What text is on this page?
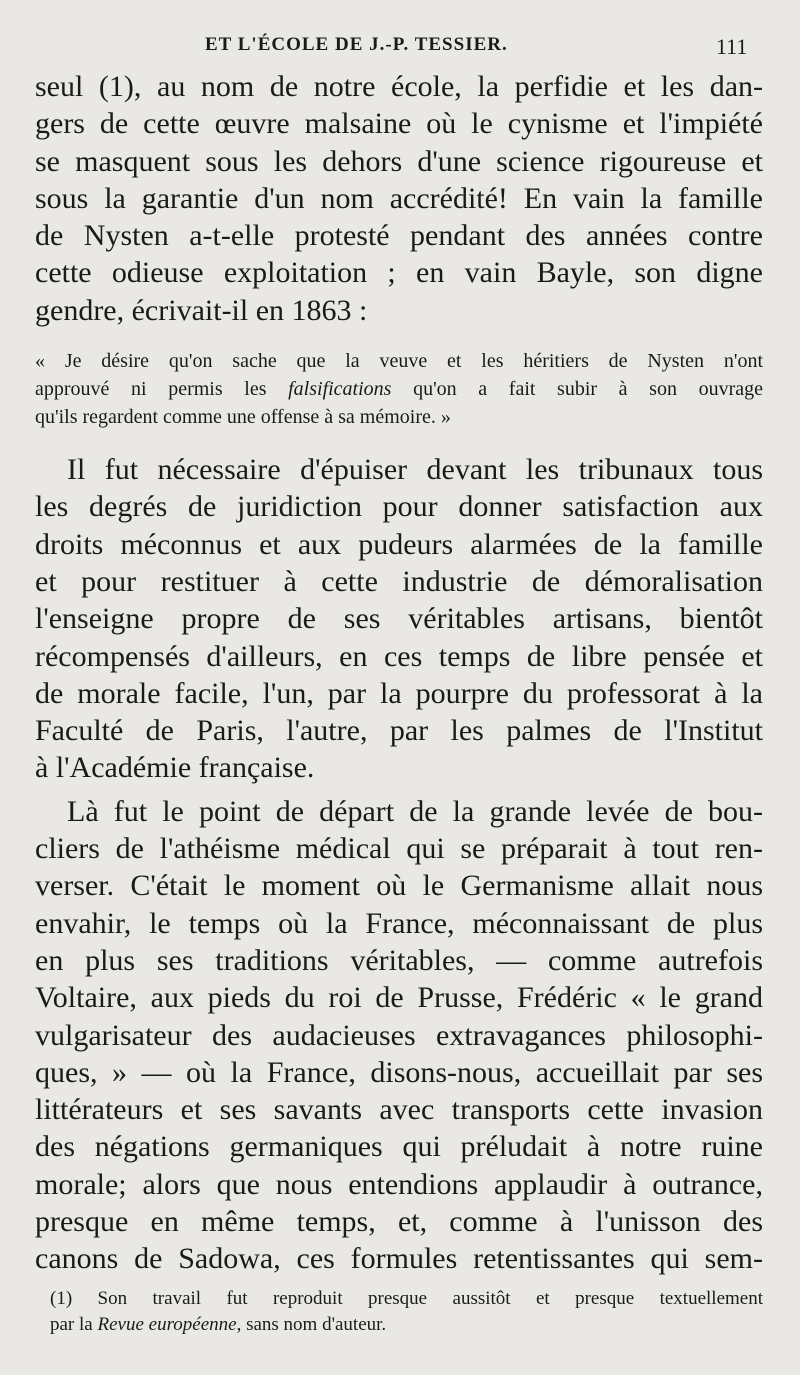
ET L'ÉCOLE DE J.-P. TESSIER.	111

seul (1), au nom de notre école, la perfidie et les dan-
gers de cette œuvre malsaine où le cynisme et l'impiété
se masquent sous les dehors d'une science rigoureuse et
sous la garantie d'un nom accrédité! En vain la famille
de Nysten a-t-elle protesté pendant des années contre
cette odieuse exploitation ; en vain Bayle, son digne
gendre, écrivait-il en 1863 :

« Je désire qu'on sache que la veuve et les héritiers de Nysten n'ont
approuvé ni permis les falsifications qu'on a fait subir à son ouvrage
qu'ils regardent comme une offense à sa mémoire. »

Il fut nécessaire d'épuiser devant les tribunaux tous
les degrés de juridiction pour donner satisfaction aux
droits méconnus et aux pudeurs alarmées de la famille
et pour restituer à cette industrie de démoralisation
l'enseigne propre de ses véritables artisans, bientôt
récompensés d'ailleurs, en ces temps de libre pensée et
de morale facile, l'un, par la pourpre du professorat à la
Faculté de Paris, l'autre, par les palmes de l'Institut
à l'Académie française.

Là fut le point de départ de la grande levée de bou-
cliers de l'athéisme médical qui se préparait à tout ren-
verser. C'était le moment où le Germanisme allait nous
envahir, le temps où la France, méconnaissant de plus
en plus ses traditions véritables, — comme autrefois
Voltaire, aux pieds du roi de Prusse, Frédéric « le grand
vulgarisateur des audacieuses extravagances philosophi-
ques, » — où la France, disons-nous, accueillait par ses
littérateurs et ses savants avec transports cette invasion
des négations germaniques qui préludait à notre ruine
morale; alors que nous entendions applaudir à outrance,
presque en même temps, et, comme à l'unisson des
canons de Sadowa, ces formules retentissantes qui sem-

(1) Son travail fut reproduit presque aussitôt et presque textuellement
par la Revue européenne, sans nom d'auteur.
